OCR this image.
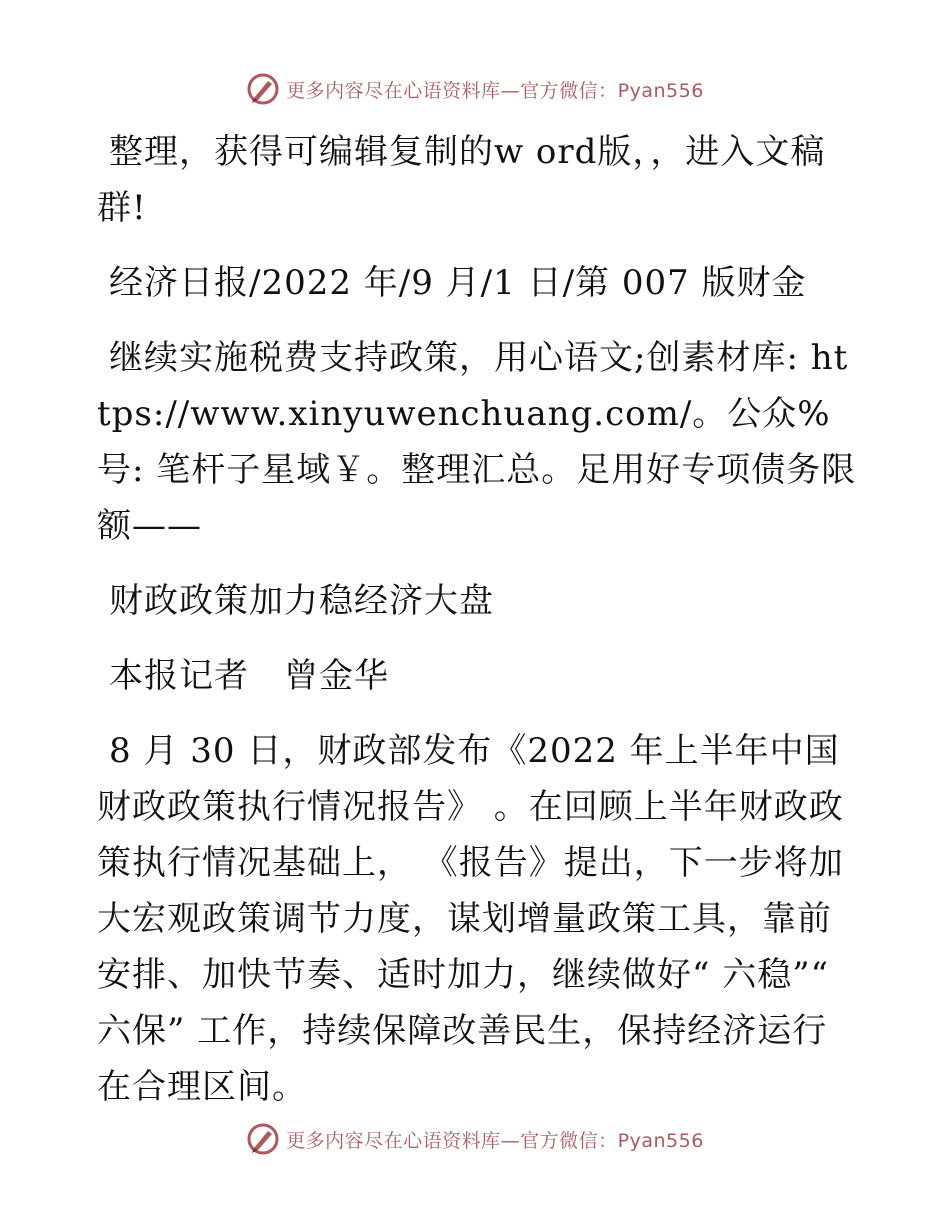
更多内容尽在心语资料库—官方微信：Pyan556

整理，获得可编辑复制的w ord版，，进入文稿群!

经济日报/2022 年/9 月/1 日/第 007 版财金

继续实施税费支持政策，用心语文;创素材库: https://www.xinyuwenchuang.com/。公众%号: 笔杆子星域￥。整理汇总。足用好专项债务限额——

财政政策加力稳经济大盘

本报记者　曾金华

8 月 30 日，财政部发布《2022 年上半年中国财政政策执行情况报告》 。在回顾上半年财政政策执行情况基础上， 《报告》提出，下一步将加大宏观政策调节力度，谋划增量政策工具，靠前安排、加快节奏、适时加力，继续做好“ 六稳”“ 六保” 工作，持续保障改善民生，保持经济运行在合理区间。

更多内容尽在心语资料库—官方微信：Pyan556
